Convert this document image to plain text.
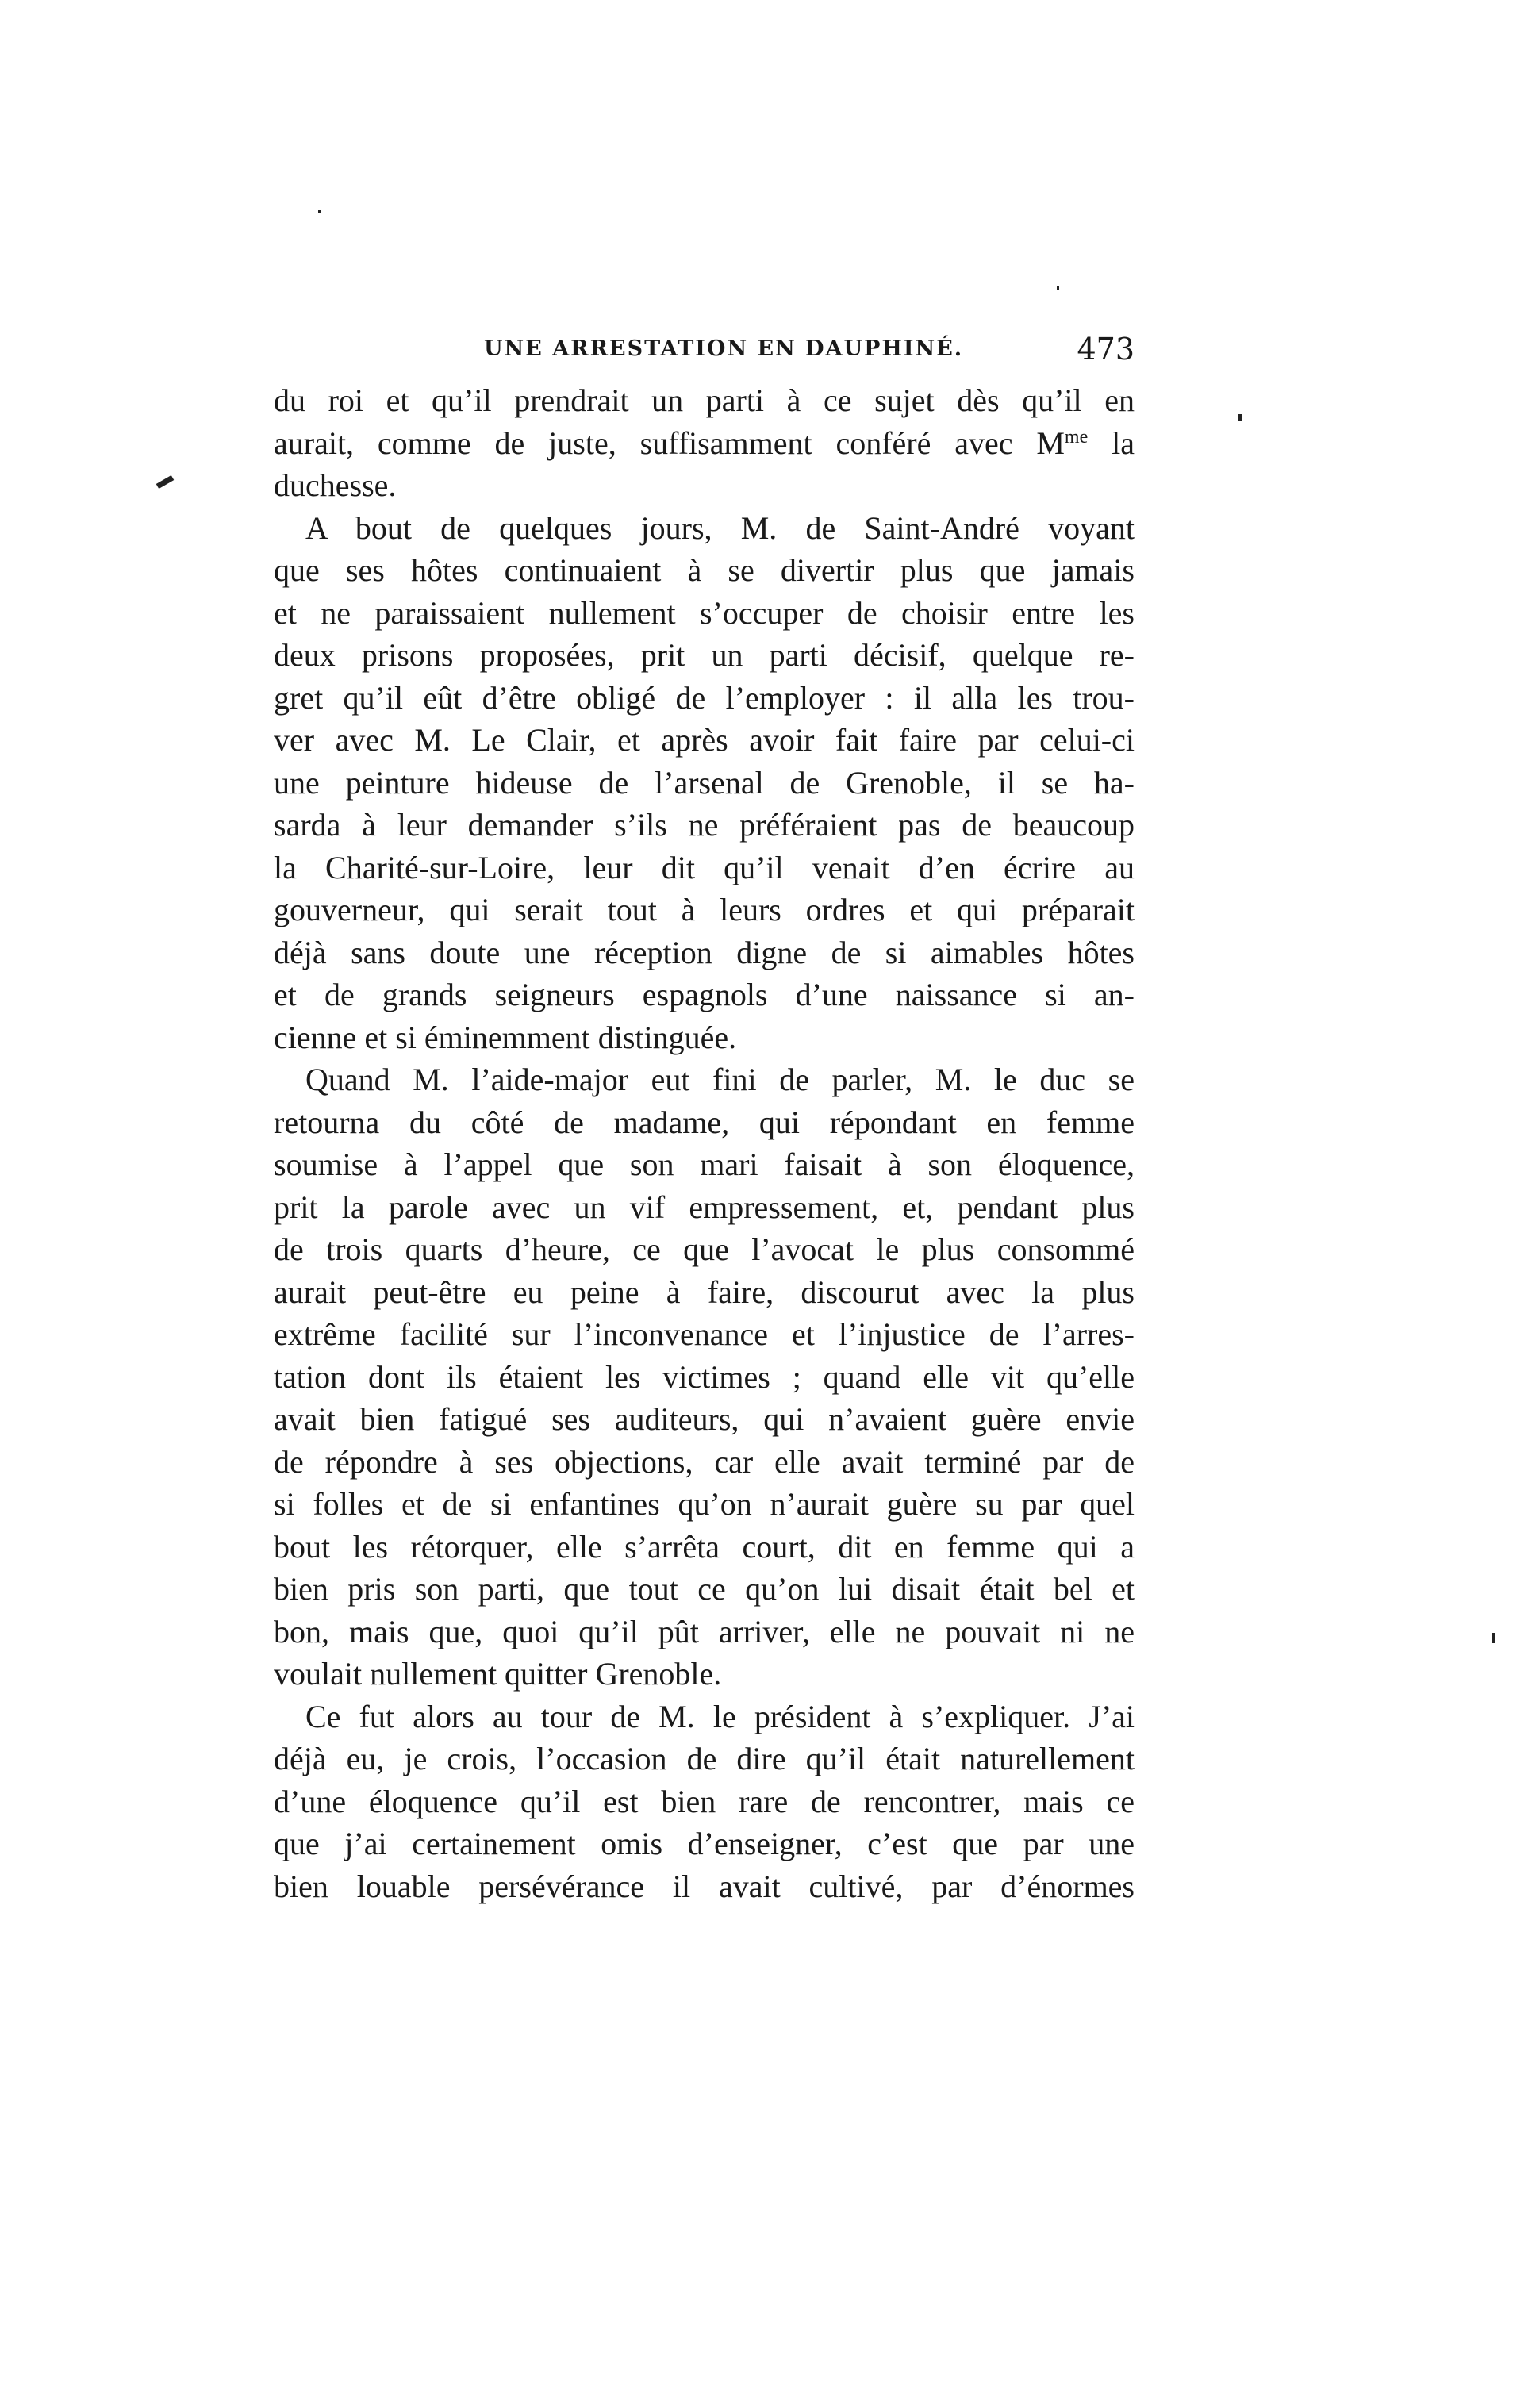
UNE ARRESTATION EN DAUPHINÉ.	473
du roi et qu’il prendrait un parti à ce sujet dès qu’il en
aurait, comme de juste, suffisamment conféré avec $M^{me}$ la
duchesse.
A bout de quelques jours, M. de Saint-André voyant
que ses hôtes continuaient à se divertir plus que jamais
et ne paraissaient nullement s’occuper de choisir entre les
deux prisons proposées, prit un parti décisif, quelque re-
gret qu’il eût d’être obligé de l’employer : il alla les trou-
ver avec M. Le Clair, et après avoir fait faire par celui-ci
une peinture hideuse de l’arsenal de Grenoble, il se ha-
sarda à leur demander s’ils ne préféraient pas de beaucoup
la Charité-sur-Loire, leur dit qu’il venait d’en écrire au
gouverneur, qui serait tout à leurs ordres et qui préparait
déjà sans doute une réception digne de si aimables hôtes
et de grands seigneurs espagnols d’une naissance si an-
cienne et si éminemment distinguée.
Quand M. l’aide-major eut fini de parler, M. le duc se
retourna du côté de madame, qui répondant en femme
soumise à l’appel que son mari faisait à son éloquence,
prit la parole avec un vif empressement, et, pendant plus
de trois quarts d’heure, ce que l’avocat le plus consommé
aurait peut-être eu peine à faire, discourut avec la plus
extrême facilité sur l’inconvenance et l’injustice de l’arres-
tation dont ils étaient les victimes ; quand elle vit qu’elle
avait bien fatigué ses auditeurs, qui n’avaient guère envie
de répondre à ses objections, car elle avait terminé par de
si folles et de si enfantines qu’on n’aurait guère su par quel
bout les rétorquer, elle s’arrêta court, dit en femme qui a
bien pris son parti, que tout ce qu’on lui disait était bel et
bon, mais que, quoi qu’il pût arriver, elle ne pouvait ni ne
voulait nullement quitter Grenoble.
Ce fut alors au tour de M. le président à s’expliquer. J’ai
déjà eu, je crois, l’occasion de dire qu’il était naturellement
d’une éloquence qu’il est bien rare de rencontrer, mais ce
que j’ai certainement omis d’enseigner, c’est que par une
bien louable persévérance il avait cultivé, par d’énormes
